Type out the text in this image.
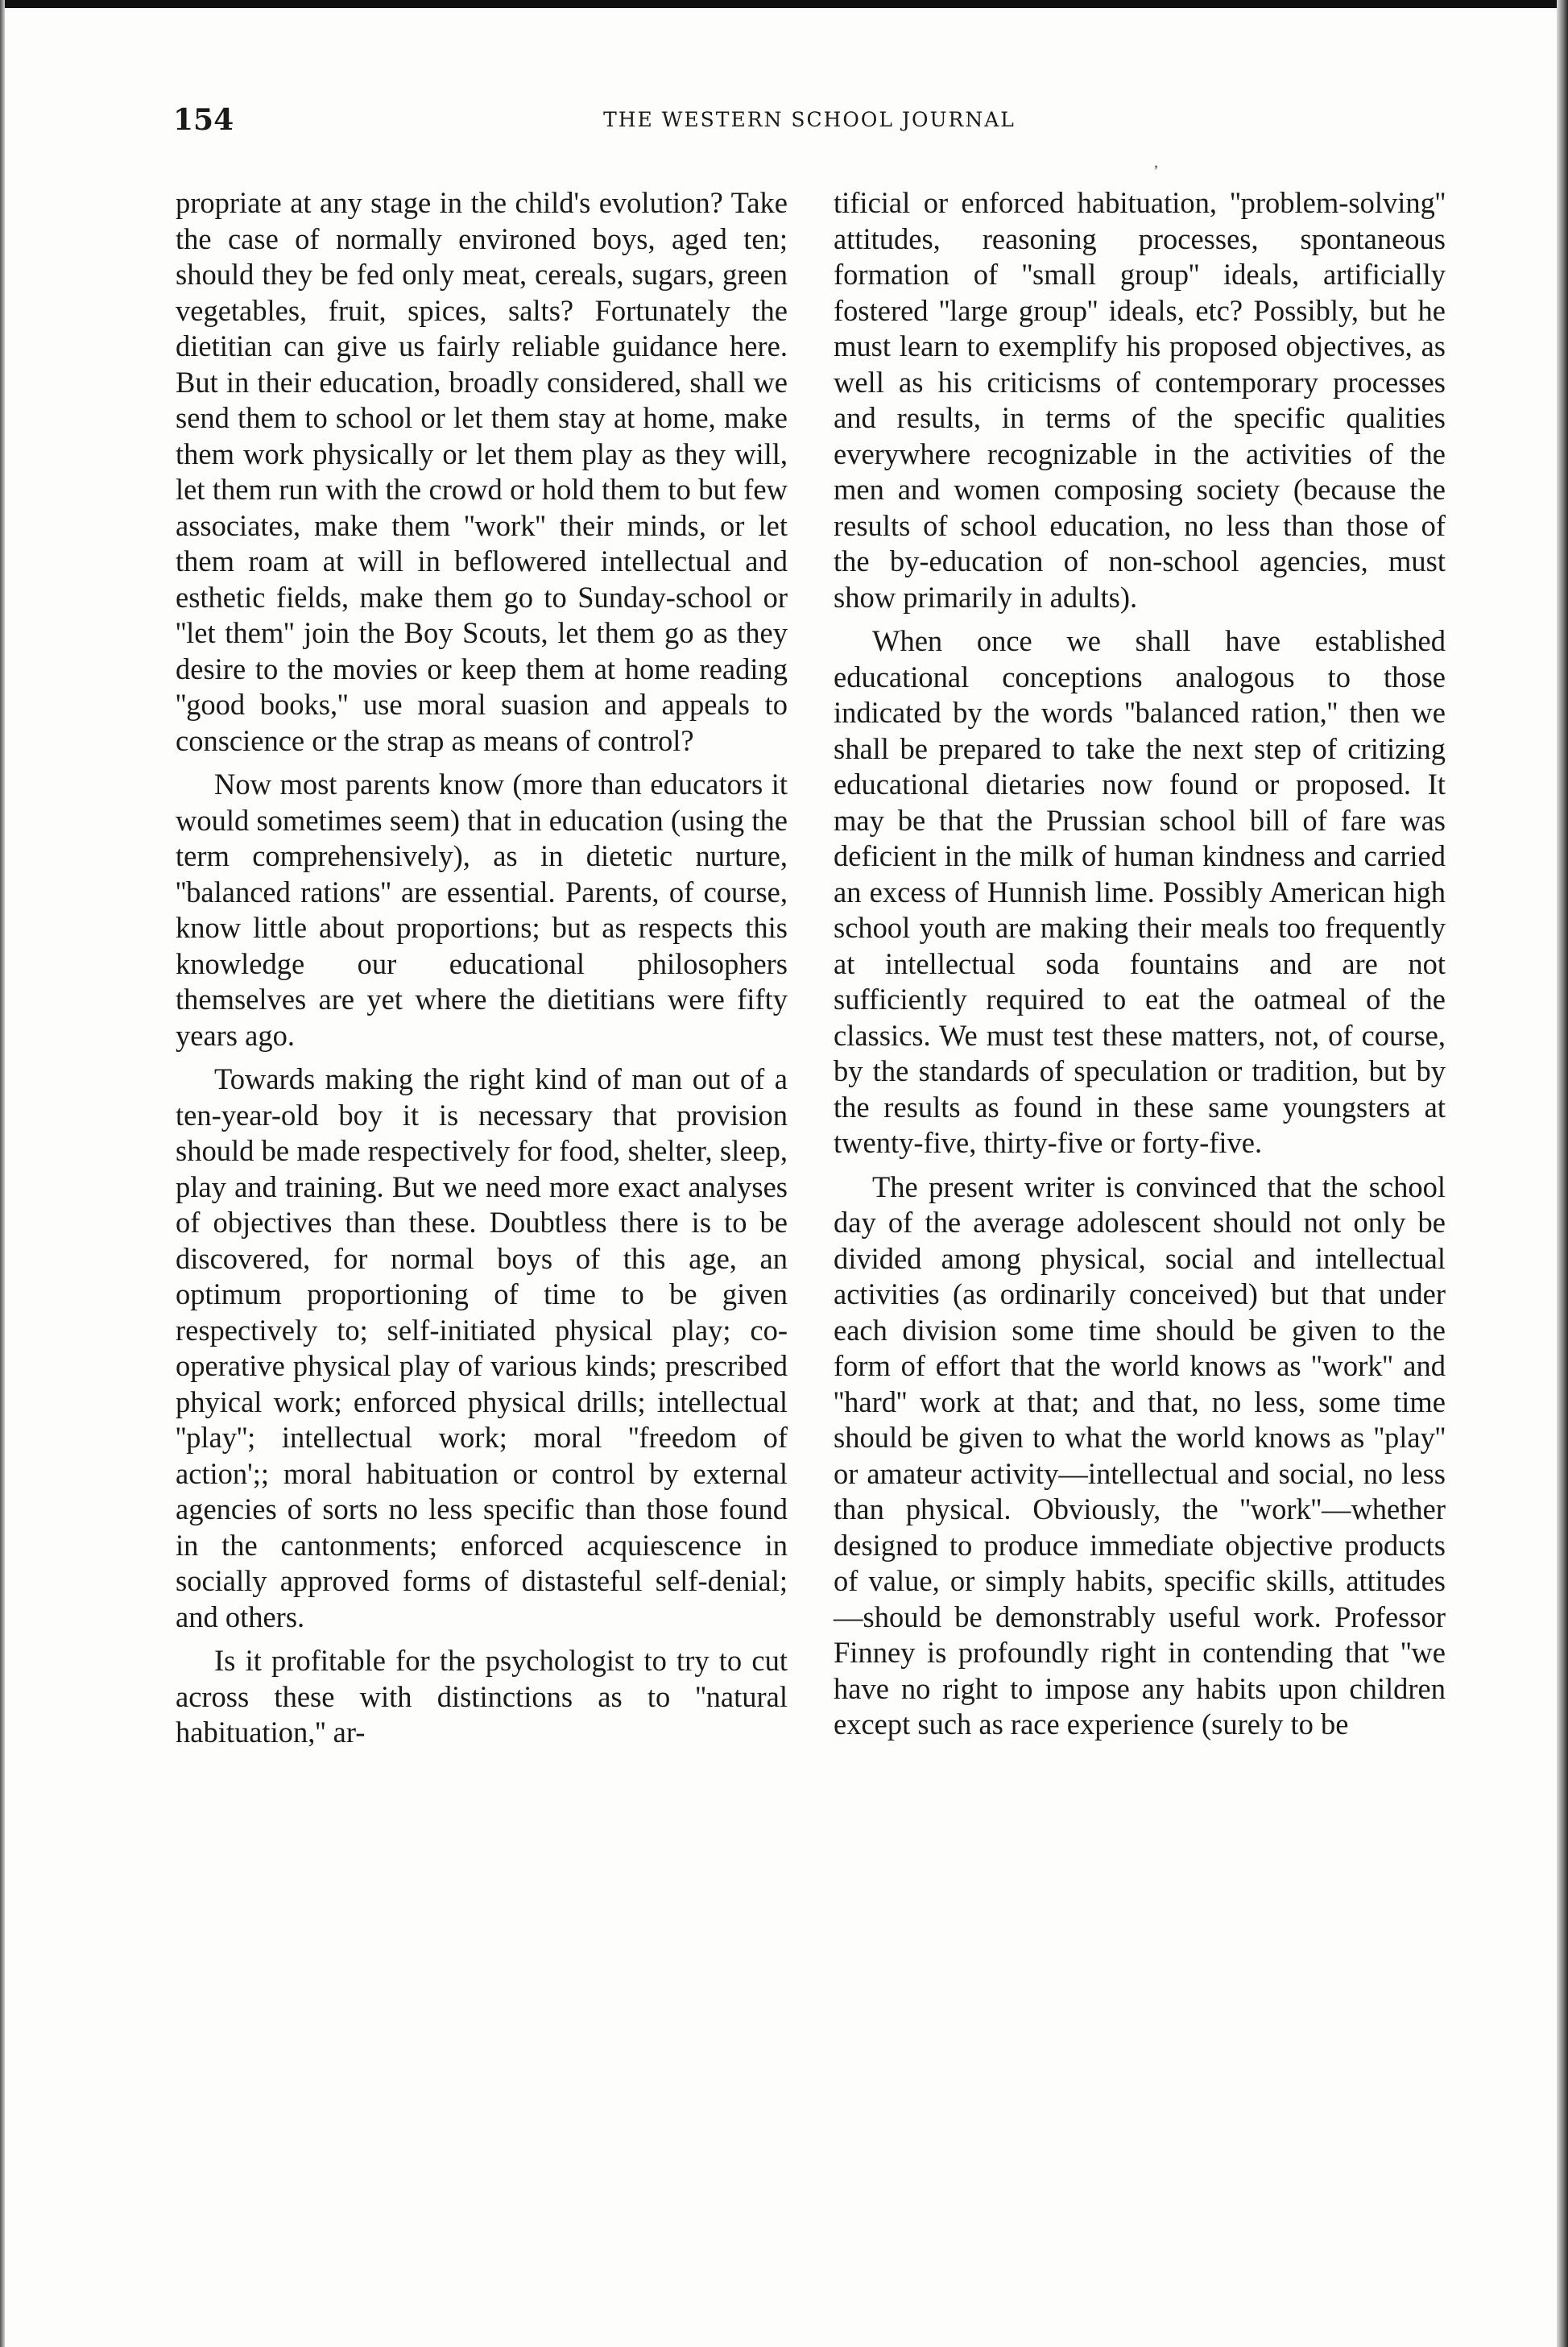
154	THE WESTERN SCHOOL JOURNAL
ʼ

propriate at any stage in the child's evolution? Take the case of normally environed boys, aged ten; should they be fed only meat, cereals, sugars, green vegetables, fruit, spices, salts? Fortunately the dietitian can give us fairly reliable guidance here. But in their education, broadly considered, shall we send them to school or let them stay at home, make them work physically or let them play as they will, let them run with the crowd or hold them to but few associates, make them ''work'' their minds, or let them roam at will in beflowered intellectual and esthetic fields, make them go to Sunday-school or ''let them'' join the Boy Scouts, let them go as they desire to the movies or keep them at home reading ''good books,'' use moral suasion and appeals to conscience or the strap as means of control?

Now most parents know (more than educators it would sometimes seem) that in education (using the term comprehensively), as in dietetic nurture, ''balanced rations'' are essential. Parents, of course, know little about proportions; but as respects this knowledge our educational philosophers themselves are yet where the dietitians were fifty years ago.

Towards making the right kind of man out of a ten-year-old boy it is necessary that provision should be made respectively for food, shelter, sleep, play and training. But we need more exact analyses of objectives than these. Doubtless there is to be discovered, for normal boys of this age, an optimum proportioning of time to be given respectively to; self-initiated physical play; co-operative physical play of various kinds; prescribed phyical work; enforced physical drills; intellectual ''play''; intellectual work; moral ''freedom of action';; moral habituation or control by external agencies of sorts no less specific than those found in the cantonments; enforced acquiescence in socially approved forms of distasteful self-denial; and others.

Is it profitable for the psychologist to try to cut across these with distinctions as to ''natural habituation,'' ar-

tificial or enforced habituation, ''problem-solving'' attitudes, reasoning processes, spontaneous formation of ''small group'' ideals, artificially fostered ''large group'' ideals, etc? Possibly, but he must learn to exemplify his proposed objectives, as well as his criticisms of contemporary processes and results, in terms of the specific qualities everywhere recognizable in the activities of the men and women composing society (because the results of school education, no less than those of the by-education of non-school agencies, must show primarily in adults).

When once we shall have established educational conceptions analogous to those indicated by the words ''balanced ration,'' then we shall be prepared to take the next step of critizing educational dietaries now found or proposed. It may be that the Prussian school bill of fare was deficient in the milk of human kindness and carried an excess of Hunnish lime. Possibly American high school youth are making their meals too frequently at intellectual soda fountains and are not sufficiently required to eat the oatmeal of the classics. We must test these matters, not, of course, by the standards of speculation or tradition, but by the results as found in these same youngsters at twenty-five, thirty-five or forty-five.

The present writer is convinced that the school day of the average adolescent should not only be divided among physical, social and intellectual activities (as ordinarily conceived) but that under each division some time should be given to the form of effort that the world knows as ''work'' and ''hard'' work at that; and that, no less, some time should be given to what the world knows as ''play'' or amateur activity—intellectual and social, no less than physical. Obviously, the ''work''—whether designed to produce immediate objective products of value, or simply habits, specific skills, attitudes—should be demonstrably useful work. Professor Finney is profoundly right in contending that ''we have no right to impose any habits upon children except such as race experience (surely to be
